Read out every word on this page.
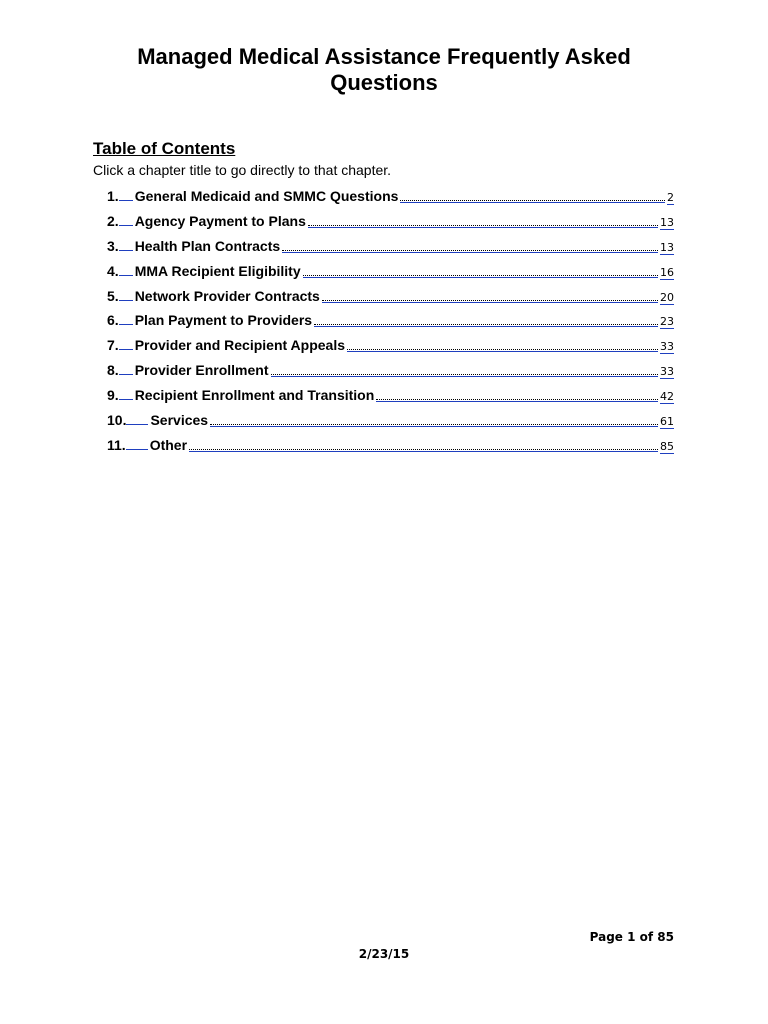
Managed Medical Assistance Frequently Asked Questions
Table of Contents
Click a chapter title to go directly to that chapter.
1. General Medicaid and SMMC Questions	2
2. Agency Payment to Plans	13
3. Health Plan Contracts	13
4. MMA Recipient Eligibility	16
5. Network Provider Contracts	20
6. Plan Payment to Providers	23
7. Provider and Recipient Appeals	33
8. Provider Enrollment	33
9. Recipient Enrollment and Transition	42
10. Services	61
11. Other	85
Page 1 of 85
2/23/15
